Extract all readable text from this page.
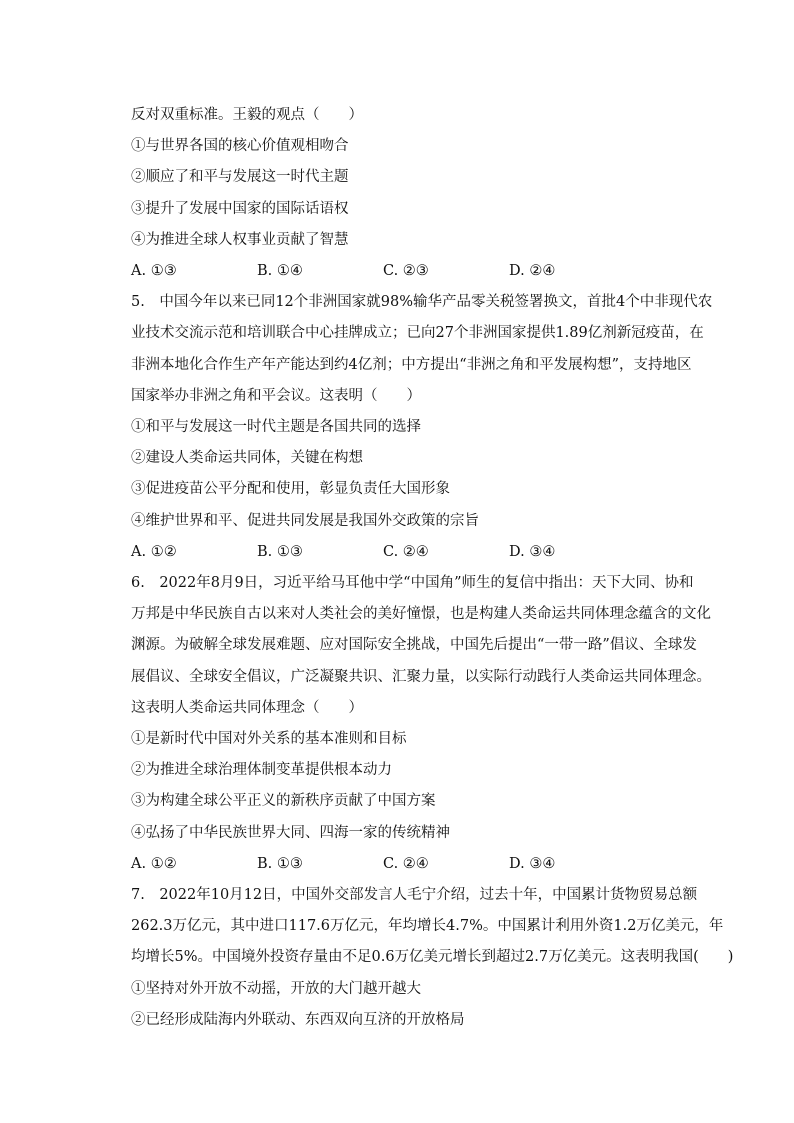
反对双重标准。王毅的观点（　　）

①与世界各国的核心价值观相吻合

②顺应了和平与发展这一时代主题

③提升了发展中国家的国际话语权

④为推进全球人权事业贡献了智慧

A. ①③	B. ①④	C. ②③	D. ②④

5.　中国今年以来已同12个非洲国家就98%输华产品零关税签署换文，首批4个中非现代农

业技术交流示范和培训联合中心挂牌成立；已向27个非洲国家提供1.89亿剂新冠疫苗，在

非洲本地化合作生产年产能达到约4亿剂；中方提出“非洲之角和平发展构想”，支持地区

国家举办非洲之角和平会议。这表明（　　）

①和平与发展这一时代主题是各国共同的选择

②建设人类命运共同体，关键在构想

③促进疫苗公平分配和使用，彰显负责任大国形象

④维护世界和平、促进共同发展是我国外交政策的宗旨

A. ①②	B. ①③	C. ②④	D. ③④

6.　2022年8月9日，习近平给马耳他中学“中国角”师生的复信中指出：天下大同、协和

万邦是中华民族自古以来对人类社会的美好憧憬，也是构建人类命运共同体理念蕴含的文化

渊源。为破解全球发展难题、应对国际安全挑战，中国先后提出“一带一路”倡议、全球发

展倡议、全球安全倡议，广泛凝聚共识、汇聚力量，以实际行动践行人类命运共同体理念。

这表明人类命运共同体理念（　　）

①是新时代中国对外关系的基本准则和目标

②为推进全球治理体制变革提供根本动力

③为构建全球公平正义的新秩序贡献了中国方案

④弘扬了中华民族世界大同、四海一家的传统精神

A. ①②	B. ①③	C. ②④	D. ③④

7.　2022年10月12日，中国外交部发言人毛宁介绍，过去十年，中国累计货物贸易总额

262.3万亿元，其中进口117.6万亿元，年均增长4.7%。中国累计利用外资1.2万亿美元，年

均增长5%。中国境外投资存量由不足0.6万亿美元增长到超过2.7万亿美元。这表明我国(　　)

①坚持对外开放不动摇，开放的大门越开越大

②已经形成陆海内外联动、东西双向互济的开放格局
